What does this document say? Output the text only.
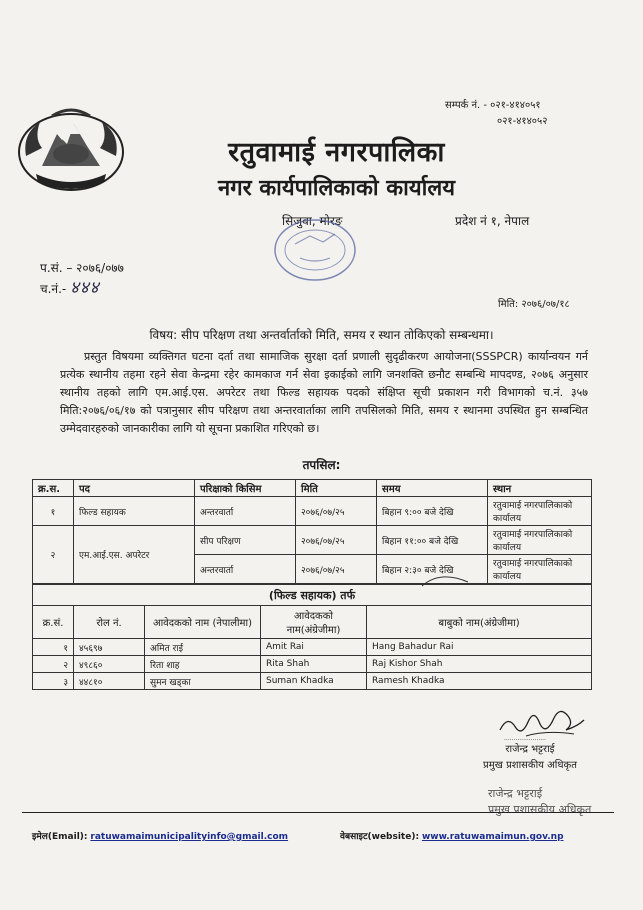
सम्पर्क नं. - ०२१-४१४०५१
०२१-४१४०५२
रतुवामाई नगरपालिका
नगर कार्यपालिकाको कार्यालय
सिजुवा, मोरङ	प्रदेश नं १, नेपाल
प.सं. – २०७६/०७७
च.नं.- ४४४
मिति: २०७६/०७/१८
विषय: सीप परिक्षण तथा अन्तर्वार्ताको मिति, समय र स्थान तोकिएको सम्बन्धमा।
प्रस्तुत विषयमा व्यक्तिगत घटना दर्ता तथा सामाजिक सुरक्षा दर्ता प्रणाली सुदृढीकरण आयोजना(SSSPCR) कार्यान्वयन गर्न प्रत्येक स्थानीय तहमा रहने सेवा केन्द्रमा रहेर कामकाज गर्न सेवा इकाईको लागि जनशक्ति छनौट सम्बन्धि मापदण्ड, २०७६ अनुसार स्थानीय तहको लागि एम.आई.एस. अपरेटर तथा फिल्ड सहायक पदको संक्षिप्त सूची प्रकाशन गरी विभागको च.नं. ३५७ मिति:२०७६/०६/१७ को पत्रानुसार सीप परिक्षण तथा अन्तरवार्ताका लागि तपसिलको मिति, समय र स्थानमा उपस्थित हुन सम्बन्धित उम्मेदवारहरुको जानकारीका लागि यो सूचना प्रकाशित गरिएको छ।
तपसिल:
क्र.स.	पद	परिक्षाको किसिम	मिति	समय	स्थान
१	फिल्ड सहायक	अन्तरवार्ता	२०७६/०७/२५	बिहान ९:०० बजे देखि	रतुवामाई नगरपालिकाको कार्यालय
२	एम.आई.एस. अपरेटर	सीप परिक्षण	२०७६/०७/२५	बिहान ११:०० बजे देखि	रतुवामाई नगरपालिकाको कार्यालय
		अन्तरवार्ता	२०७६/०७/२५	बिहान २:३० बजे देखि	रतुवामाई नगरपालिकाको कार्यालय
(फिल्ड सहायक) तर्फ				
क्र.सं.	रोल नं.	आवेदकको नाम (नेपालीमा)	आवेदकको नाम(अंग्रेजीमा)	बाबुको नाम(अंग्रेजीमा)
१	४५६९७	अमित राई	Amit Rai	Hang Bahadur Rai
२	४९८६०	रिता शाह	Rita Shah	Raj Kishor Shah
३	४४८१०	सुमन खड्का	Suman Khadka	Ramesh Khadka
......................
राजेन्द्र भट्टराई
प्रमुख प्रशासकीय अधिकृत
राजेन्द्र भट्टराई
प्रमुख प्रशासकीय अधिकृत
इमेल(Email): ratuwamaimunicipalityinfo@gmail.com	वेबसाइट(website): www.ratuwamaimun.gov.np
